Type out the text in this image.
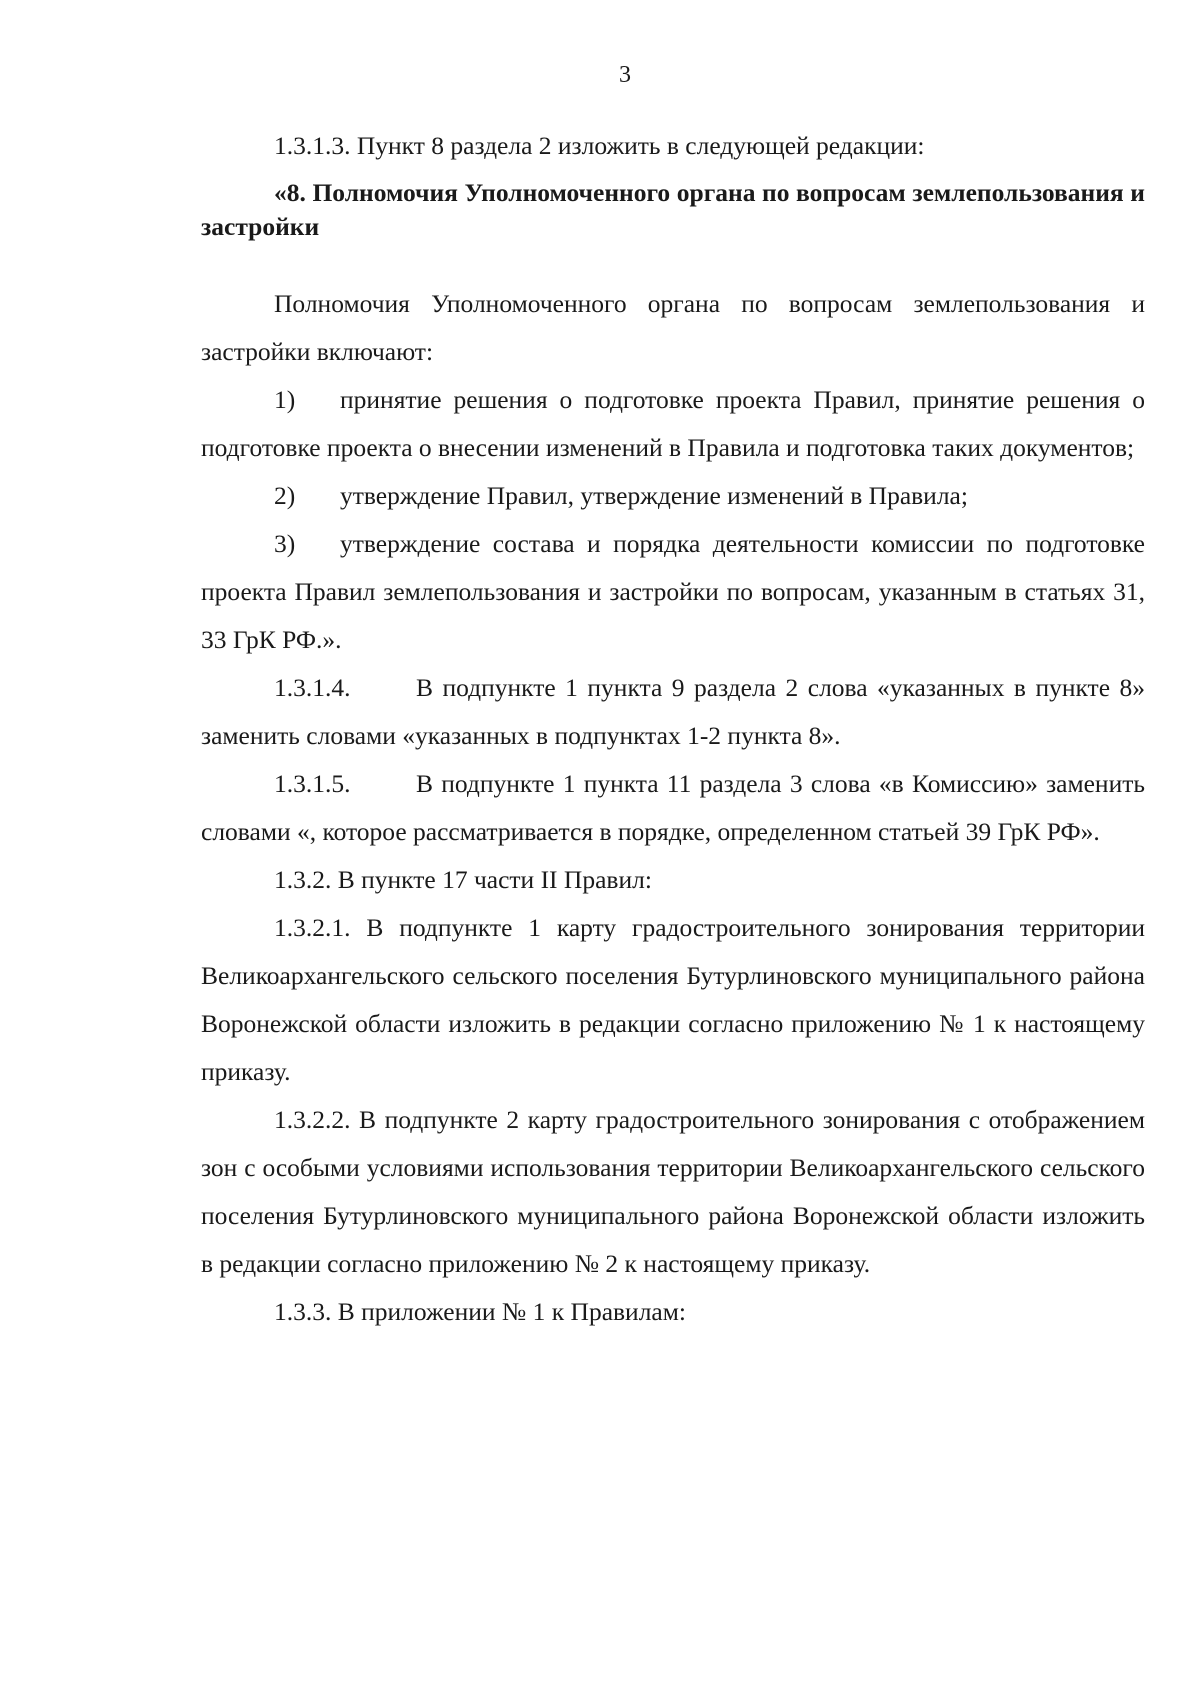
3

1.3.1.3. Пункт 8 раздела 2 изложить в следующей редакции:

«8. Полномочия Уполномоченного органа по вопросам землепользования и застройки

Полномочия Уполномоченного органа по вопросам землепользования и застройки включают:

1) принятие решения о подготовке проекта Правил, принятие решения о подготовке проекта о внесении изменений в Правила и подготовка таких документов;

2) утверждение Правил, утверждение изменений в Правила;

3) утверждение состава и порядка деятельности комиссии по подготовке проекта Правил землепользования и застройки по вопросам, указанным в статьях 31, 33 ГрК РФ.».

1.3.1.4.	В подпункте 1 пункта 9 раздела 2 слова «указанных в пункте 8» заменить словами «указанных в подпунктах 1-2 пункта 8».

1.3.1.5.	В подпункте 1 пункта 11 раздела 3 слова «в Комиссию» заменить словами «, которое рассматривается в порядке, определенном статьей 39 ГрК РФ».

1.3.2. В пункте 17 части II Правил:

1.3.2.1. В подпункте 1 карту градостроительного зонирования территории Великоархангельского сельского поселения Бутурлиновского муниципального района Воронежской области изложить в редакции согласно приложению № 1 к настоящему приказу.

1.3.2.2. В подпункте 2 карту градостроительного зонирования с отображением зон с особыми условиями использования территории Великоархангельского сельского поселения Бутурлиновского муниципального района Воронежской области изложить в редакции согласно приложению № 2 к настоящему приказу.

1.3.3. В приложении № 1 к Правилам:
